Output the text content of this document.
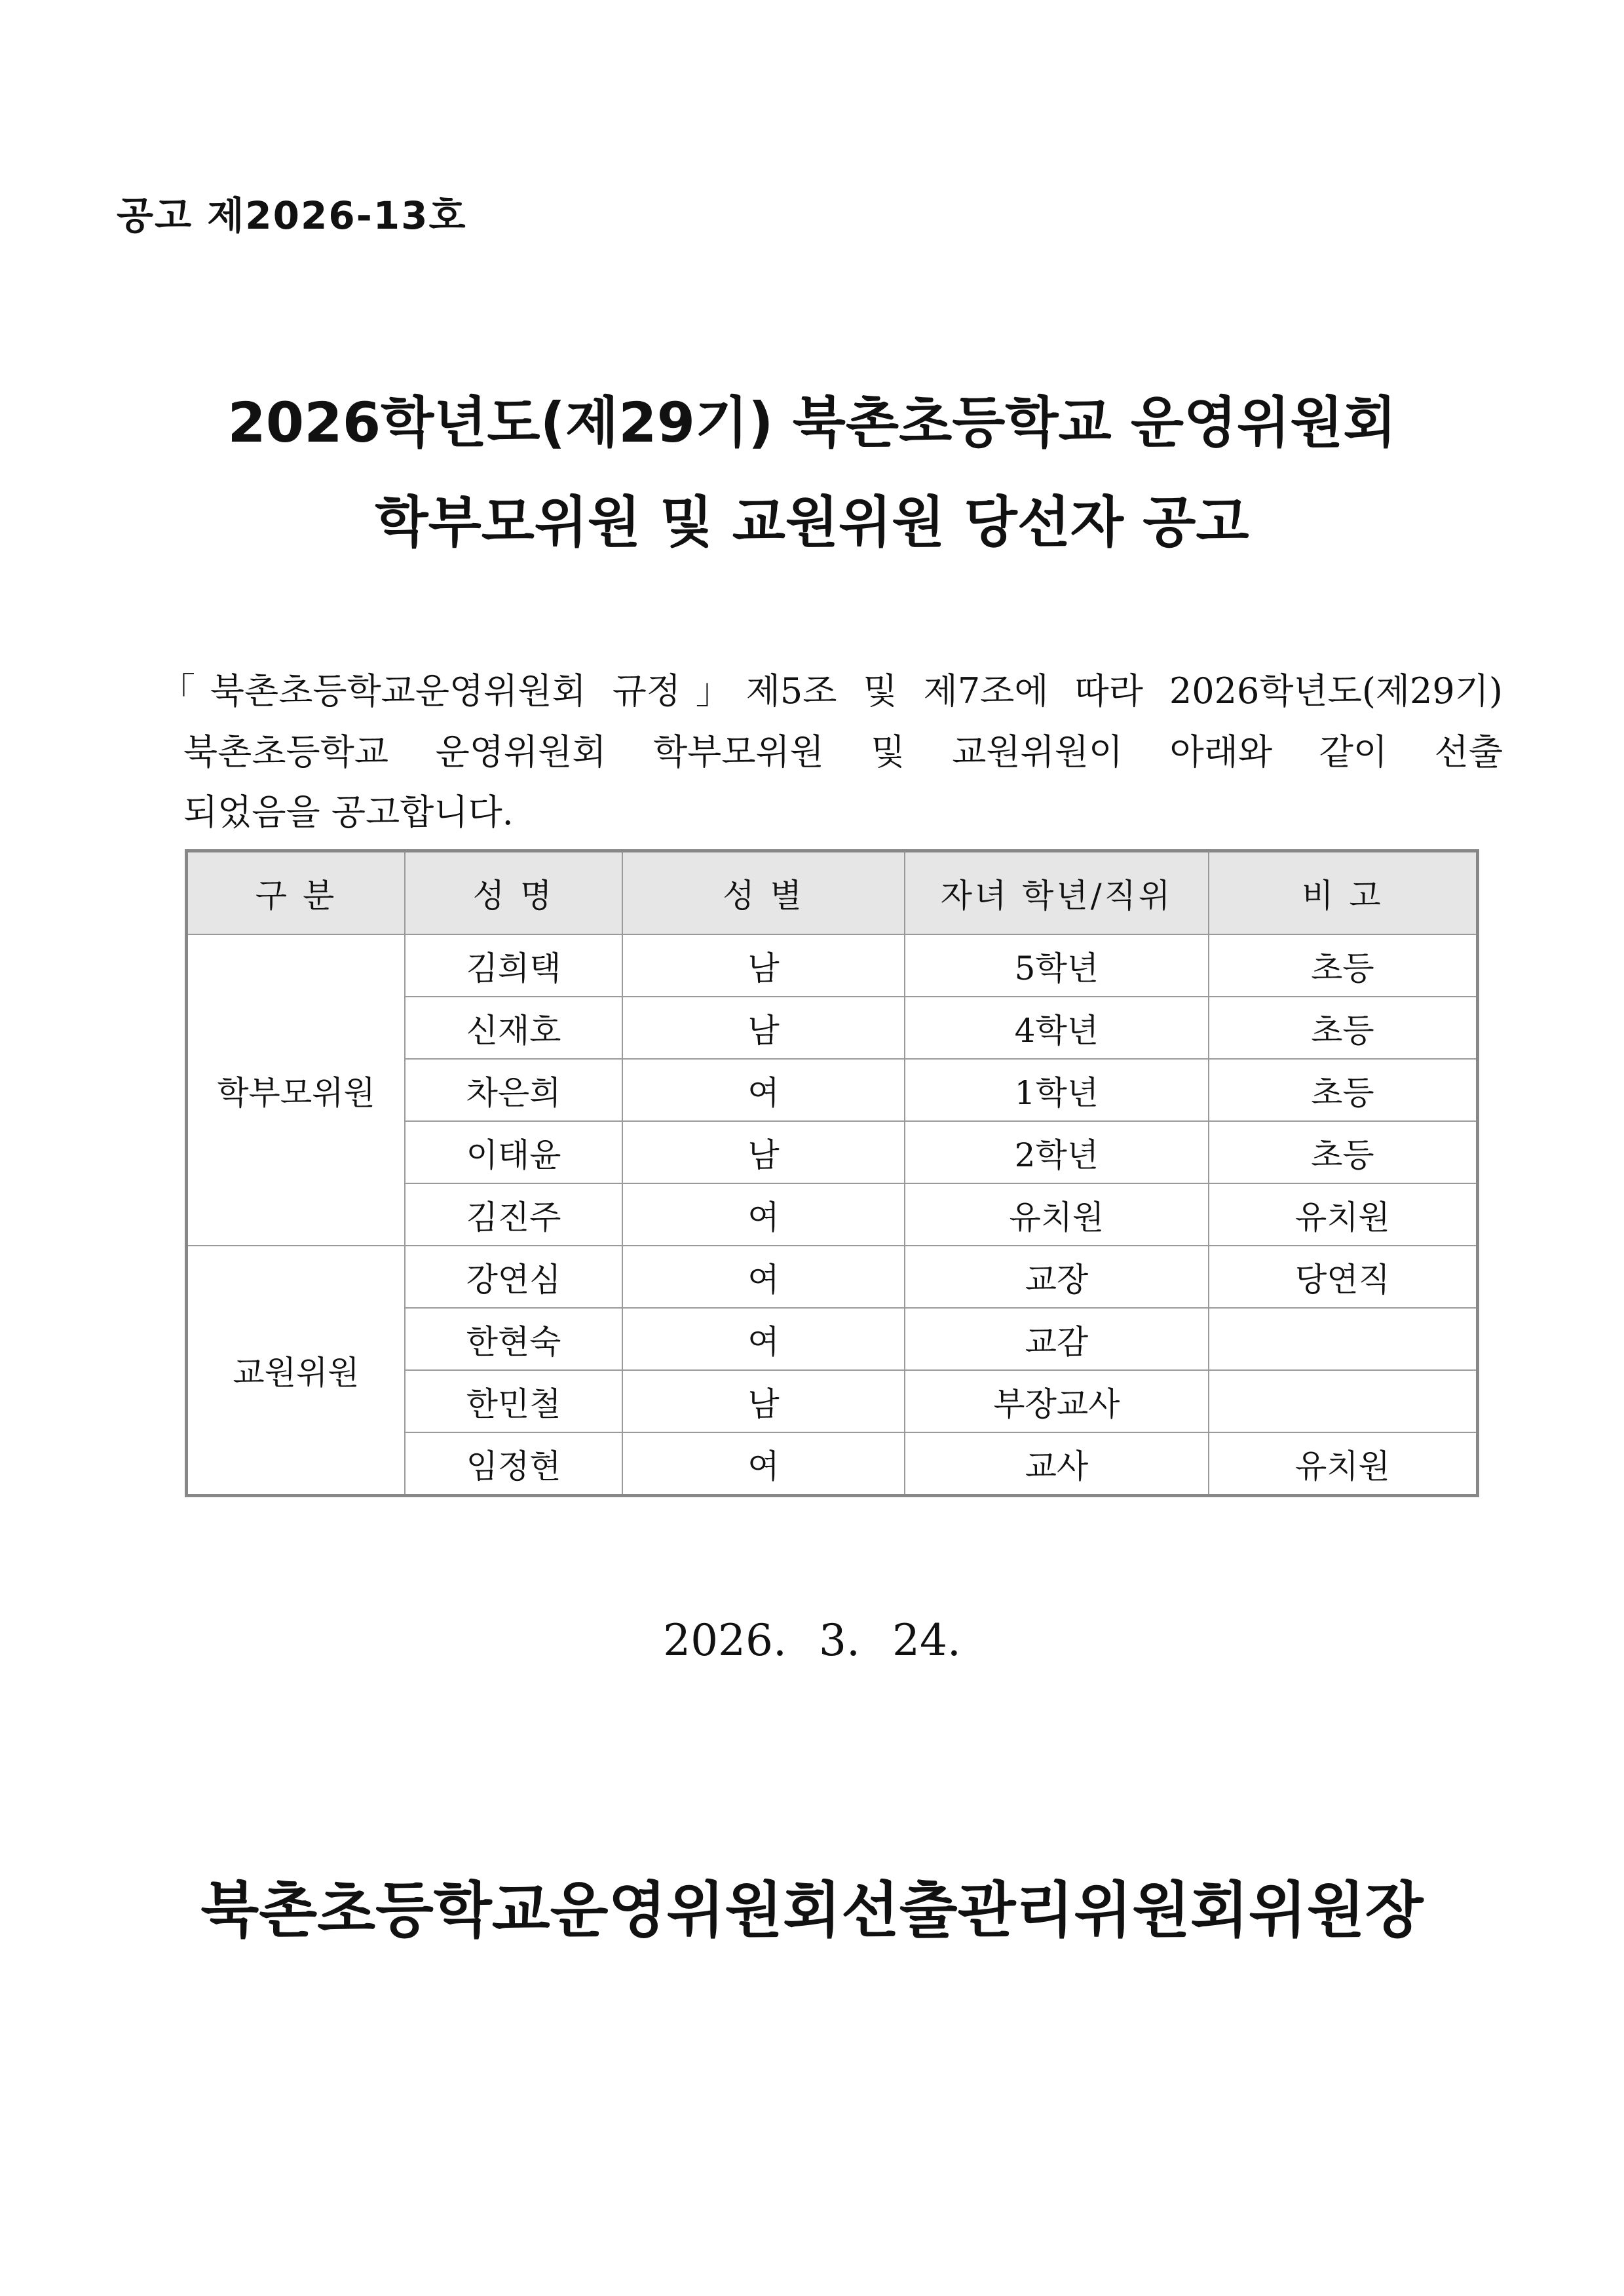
공고 제2026-13호
2026학년도(제29기) 북촌초등학교 운영위원회
학부모위원 및 교원위원 당선자 공고
「북촌초등학교운영위원회 규정」제5조 및 제7조에 따라 2026학년도(제29기)
북촌초등학교 운영위원회 학부모위원 및 교원위원이 아래와 같이 선출
되었음을 공고합니다.
구 분	성 명	성 별	자녀 학년/직위	비 고
학부모위원	김희택	남	5학년	초등
	신재호	남	4학년	초등
	차은희	여	1학년	초등
	이태윤	남	2학년	초등
	김진주	여	유치원	유치원
교원위원	강연심	여	교장	당연직
	한현숙	여	교감	
	한민철	남	부장교사	
	임정현	여	교사	유치원
2026. 3. 24.
북촌초등학교운영위원회선출관리위원회위원장
